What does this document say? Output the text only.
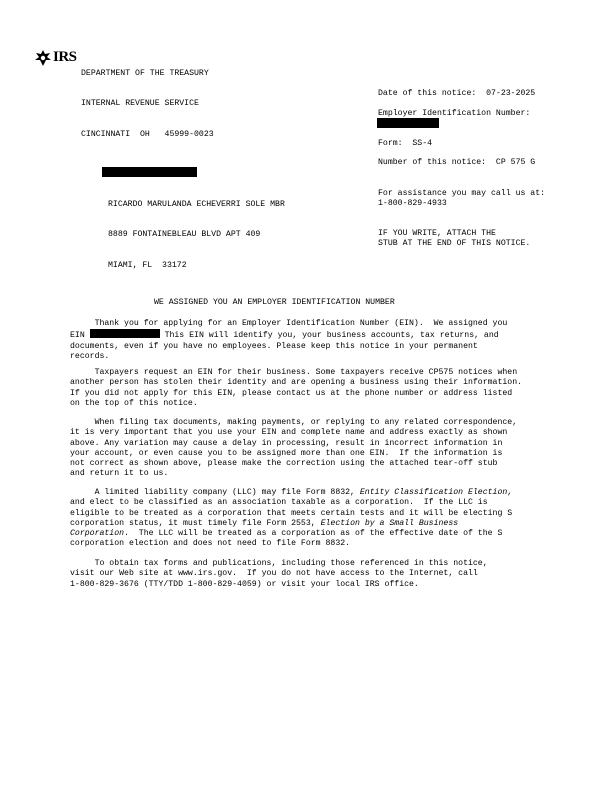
IRS

DEPARTMENT OF THE TREASURY

INTERNAL REVENUE SERVICE

CINCINNATI  OH   45999-0023

Date of this notice:  07-23-2025
Employer Identification Number:
Form:  SS-4
Number of this notice:  CP 575 G
For assistance you may call us at:
1-800-829-4933
IF YOU WRITE, ATTACH THE
STUB AT THE END OF THIS NOTICE.

RICARDO MARULANDA ECHEVERRI SOLE MBR

8889 FONTAINEBLEAU BLVD APT 409

MIAMI, FL  33172

WE ASSIGNED YOU AN EMPLOYER IDENTIFICATION NUMBER

Thank you for applying for an Employer Identification Number (EIN).  We assigned you

EIN	This EIN will identify you, your business accounts, tax returns, and

documents, even if you have no employees. Please keep this notice in your permanent

records.

Taxpayers request an EIN for their business. Some taxpayers receive CP575 notices when

another person has stolen their identity and are opening a business using their information.

If you did not apply for this EIN, please contact us at the phone number or address listed

on the top of this notice.

When filing tax documents, making payments, or replying to any related correspondence,

it is very important that you use your EIN and complete name and address exactly as shown

above. Any variation may cause a delay in processing, result in incorrect information in

your account, or even cause you to be assigned more than one EIN.  If the information is

not correct as shown above, please make the correction using the attached tear-off stub

and return it to us.

A limited liability company (LLC) may file Form 8832, Entity Classification Election,

and elect to be classified as an association taxable as a corporation.  If the LLC is

eligible to be treated as a corporation that meets certain tests and it will be electing S

corporation status, it must timely file Form 2553, Election by a Small Business

Corporation.  The LLC will be treated as a corporation as of the effective date of the S

corporation election and does not need to file Form 8832.

To obtain tax forms and publications, including those referenced in this notice,

visit our Web site at www.irs.gov.  If you do not have access to the Internet, call

1-800-829-3676 (TTY/TDD 1-800-829-4059) or visit your local IRS office.
